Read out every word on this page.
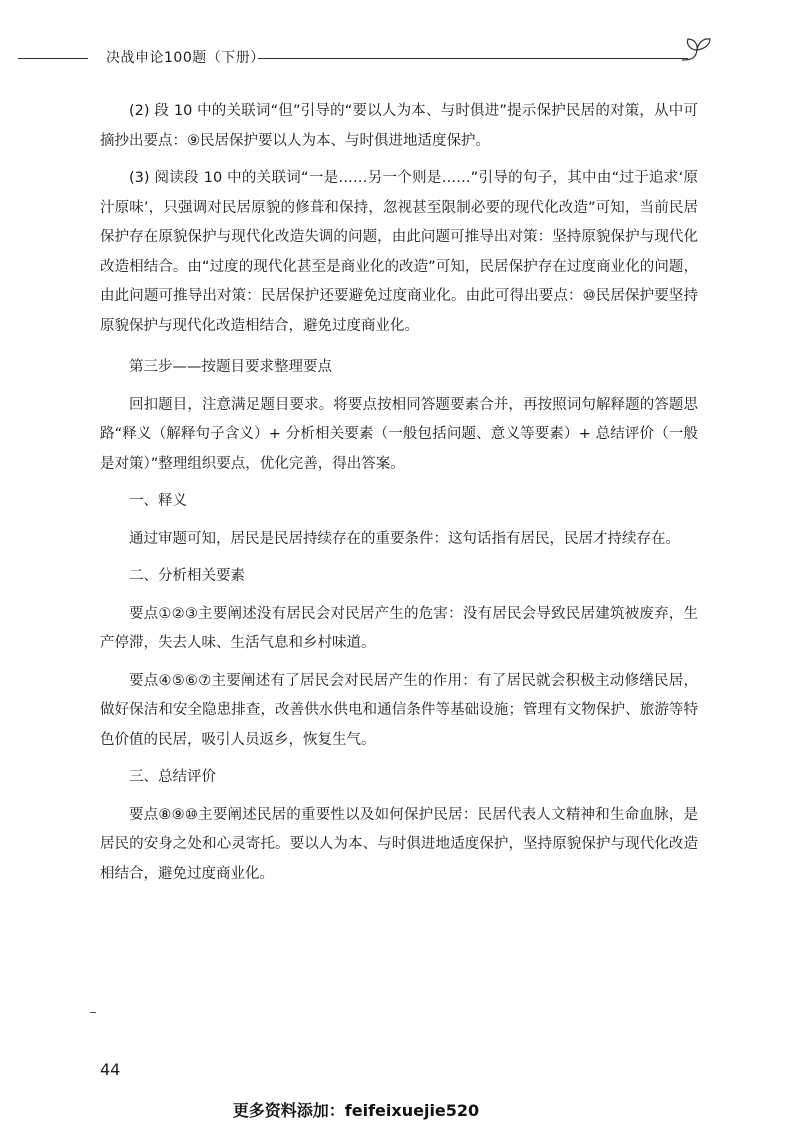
决战申论100题（下册）

(2) 段 10 中的关联词“但”引导的“要以人为本、与时俱进”提示保护民居的对策，从中可摘抄出要点：⑨民居保护要以人为本、与时俱进地适度保护。

(3) 阅读段 10 中的关联词“一是……另一个则是……”引导的句子，其中由“过于追求‘原汁原味’，只强调对民居原貌的修葺和保持，忽视甚至限制必要的现代化改造”可知，当前民居保护存在原貌保护与现代化改造失调的问题，由此问题可推导出对策：坚持原貌保护与现代化改造相结合。由“过度的现代化甚至是商业化的改造”可知，民居保护存在过度商业化的问题，由此问题可推导出对策：民居保护还要避免过度商业化。由此可得出要点：⑩民居保护要坚持原貌保护与现代化改造相结合，避免过度商业化。

第三步——按题目要求整理要点

回扣题目，注意满足题目要求。将要点按相同答题要素合并，再按照词句解释题的答题思路“释义（解释句子含义）+ 分析相关要素（一般包括问题、意义等要素）+ 总结评价（一般是对策）”整理组织要点，优化完善，得出答案。

一、释义

通过审题可知，居民是民居持续存在的重要条件：这句话指有居民，民居才持续存在。

二、分析相关要素

要点①②③主要阐述没有居民会对民居产生的危害：没有居民会导致民居建筑被废弃，生产停滞，失去人味、生活气息和乡村味道。

要点④⑤⑥⑦主要阐述有了居民会对民居产生的作用：有了居民就会积极主动修缮民居，做好保洁和安全隐患排查，改善供水供电和通信条件等基础设施；管理有文物保护、旅游等特色价值的民居，吸引人员返乡，恢复生气。

三、总结评价

要点⑧⑨⑩主要阐述民居的重要性以及如何保护民居：民居代表人文精神和生命血脉，是居民的安身之处和心灵寄托。要以人为本、与时俱进地适度保护，坚持原貌保护与现代化改造相结合，避免过度商业化。

44
更多资料添加：feifeixuejie520
